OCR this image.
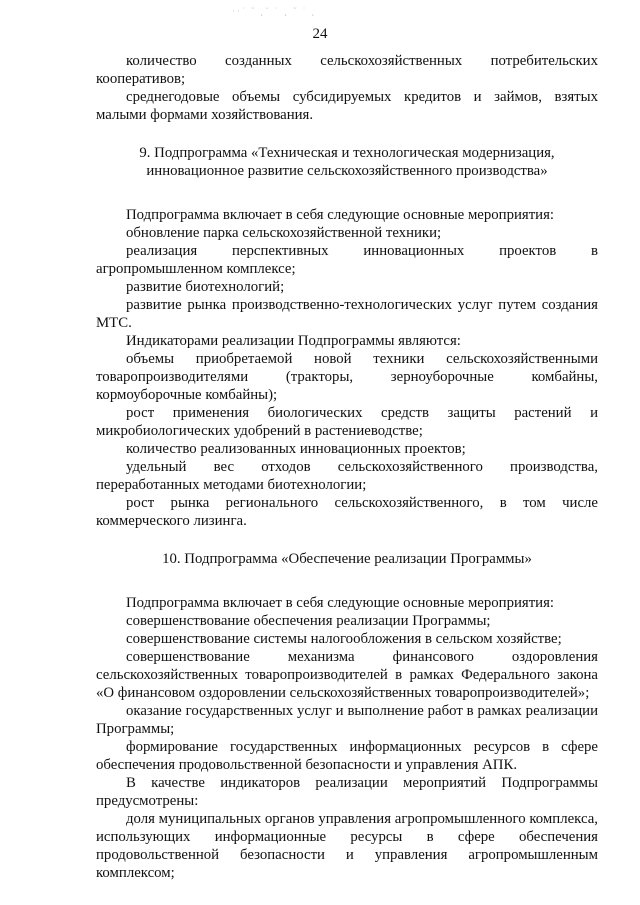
··˙ ˜ ˛˘ ˙ ¸ ˜ ˙ ˛
24

количество созданных сельскохозяйственных потребительских кооперативов;

среднегодовые объемы субсидируемых кредитов и займов, взятых малыми формами хозяйствования.

9. Подпрограмма «Техническая и технологическая модернизация, инновационное развитие сельскохозяйственного производства»

Подпрограмма включает в себя следующие основные мероприятия:

обновление парка сельскохозяйственной техники;

реализация перспективных инновационных проектов в агропромышленном комплексе;

развитие биотехнологий;

развитие рынка производственно-технологических услуг путем создания МТС.

Индикаторами реализации Подпрограммы являются:

объемы приобретаемой новой техники сельскохозяйственными товаропроизводителями (тракторы, зерноуборочные комбайны, кормоуборочные комбайны);

рост применения биологических средств защиты растений и микробиологических удобрений в растениеводстве;

количество реализованных инновационных проектов;

удельный вес отходов сельскохозяйственного производства, переработанных методами биотехнологии;

рост рынка регионального сельскохозяйственного, в том числе коммерческого лизинга.

10. Подпрограмма «Обеспечение реализации Программы»

Подпрограмма включает в себя следующие основные мероприятия:

совершенствование обеспечения реализации Программы;

совершенствование системы налогообложения в сельском хозяйстве;

совершенствование механизма финансового оздоровления сельскохозяйственных товаропроизводителей в рамках Федерального закона «О финансовом оздоровлении сельскохозяйственных товаропроизводителей»;

оказание государственных услуг и выполнение работ в рамках реализации Программы;

формирование государственных информационных ресурсов в сфере обеспечения продовольственной безопасности и управления АПК.

В качестве индикаторов реализации мероприятий Подпрограммы предусмотрены:

доля муниципальных органов управления агропромышленного комплекса, использующих информационные ресурсы в сфере обеспечения продовольственной безопасности и управления агропромышленным комплексом;
